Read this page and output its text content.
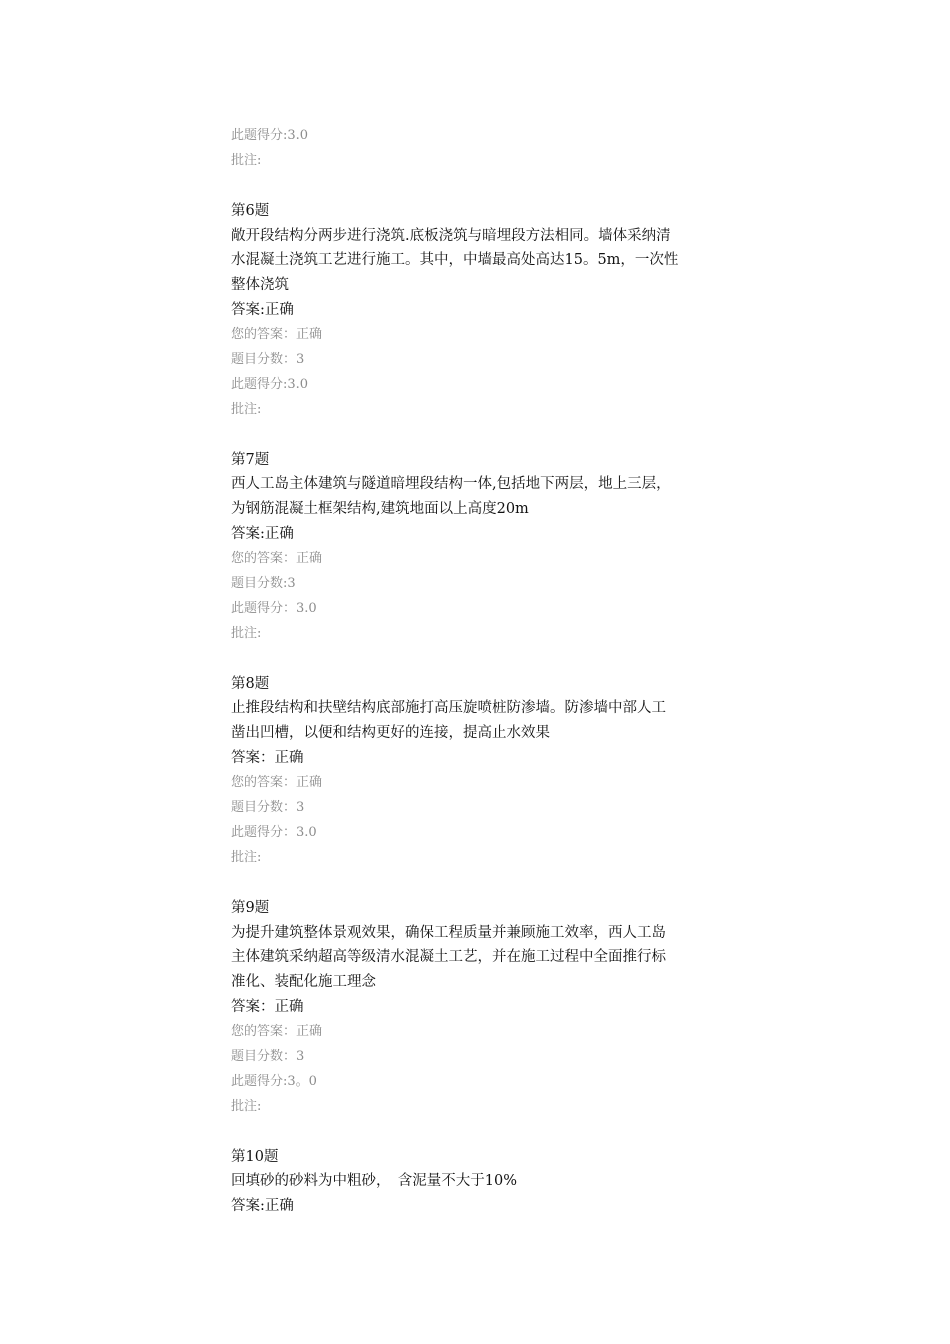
此题得分:3.0
批注:
第6题
敞开段结构分两步进行浇筑.底板浇筑与暗埋段方法相同。墙体采纳清
水混凝土浇筑工艺进行施工。其中，中墙最高处高达15。5m，一次性
整体浇筑
答案:正确
您的答案：正确
题目分数：3
此题得分:3.0
批注:
第7题
西人工岛主体建筑与隧道暗埋段结构一体,包括地下两层，地上三层，
为钢筋混凝土框架结构,建筑地面以上高度20m
答案:正确
您的答案：正确
题目分数:3
此题得分：3.0
批注:
第8题
止推段结构和扶壁结构底部施打高压旋喷桩防渗墙。防渗墙中部人工
凿出凹槽，以便和结构更好的连接，提高止水效果
答案：正确
您的答案：正确
题目分数：3
此题得分：3.0
批注:
第9题
为提升建筑整体景观效果，确保工程质量并兼顾施工效率，西人工岛
主体建筑采纳超高等级清水混凝土工艺，并在施工过程中全面推行标
准化、装配化施工理念
答案：正确
您的答案：正确
题目分数：3
此题得分:3。0
批注:
第10题
回填砂的砂料为中粗砂，　含泥量不大于10%
答案:正确
